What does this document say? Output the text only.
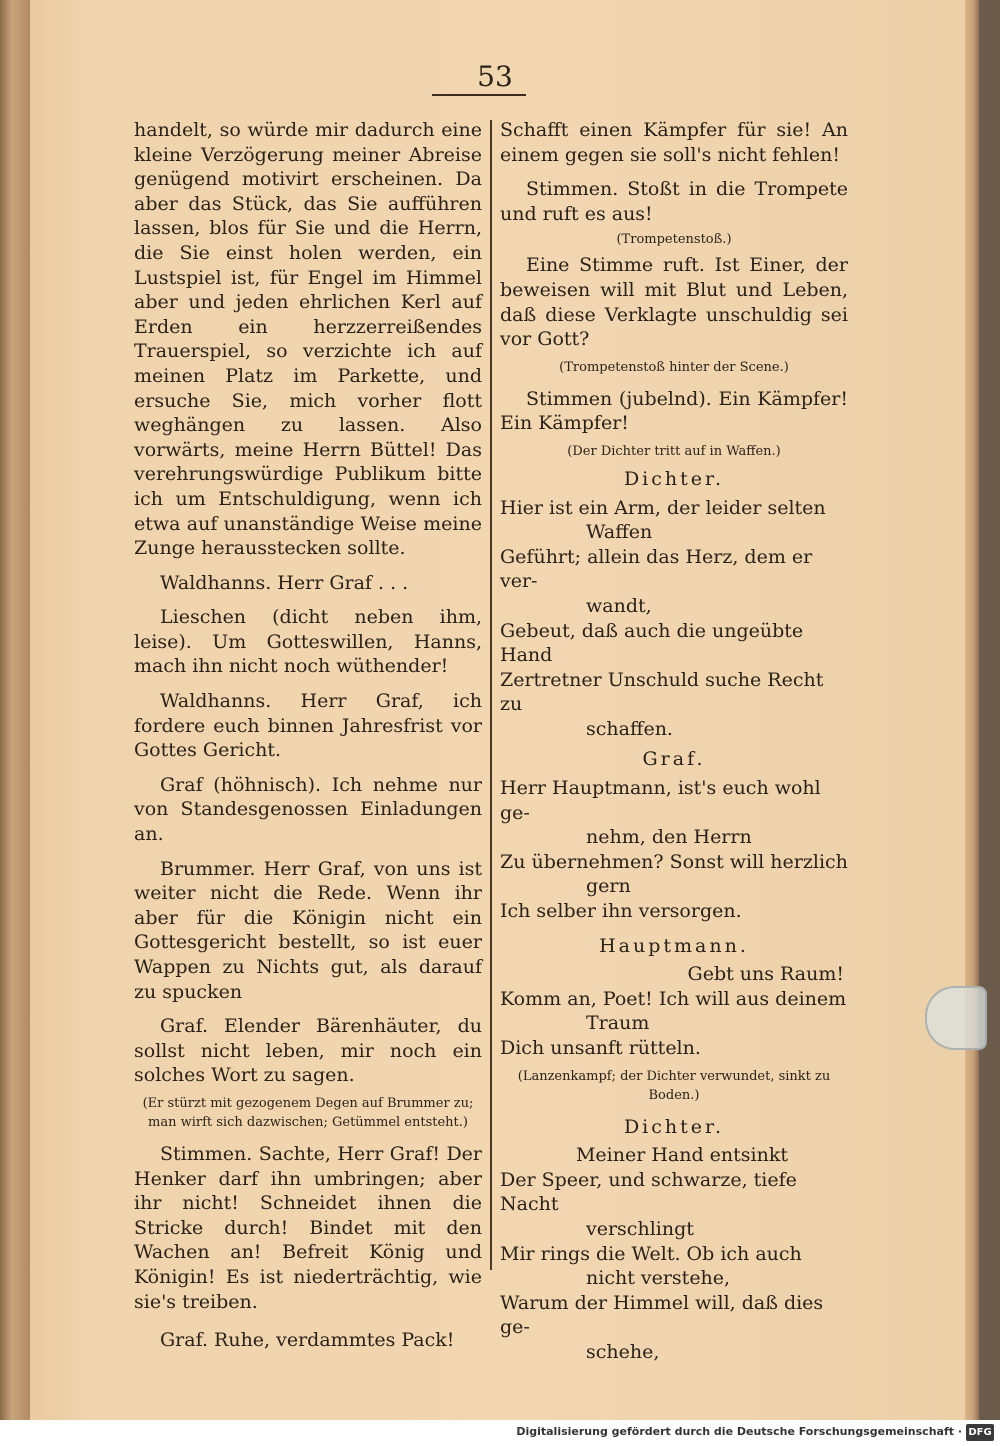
53

handelt, so würde mir dadurch eine kleine Verzögerung meiner Abreise genügend motivirt erscheinen. Da aber das Stück, das Sie aufführen lassen, blos für Sie und die Herrn, die Sie einst holen werden, ein Lustspiel ist, für Engel im Himmel aber und jeden ehrlichen Kerl auf Erden ein herzzerreißendes Trauerspiel, so verzichte ich auf meinen Platz im Parkette, und ersuche Sie, mich vorher flott weghängen zu lassen. Also vorwärts, meine Herrn Büttel! Das verehrungswürdige Publikum bitte ich um Entschuldigung, wenn ich etwa auf unanständige Weise meine Zunge herausstecken sollte.

Waldhanns. Herr Graf . . .

Lieschen (dicht neben ihm, leise). Um Gotteswillen, Hanns, mach ihn nicht noch wüthender!

Waldhanns. Herr Graf, ich fordere euch binnen Jahresfrist vor Gottes Gericht.

Graf (höhnisch). Ich nehme nur von Standesgenossen Einladungen an.

Brummer. Herr Graf, von uns ist weiter nicht die Rede. Wenn ihr aber für die Königin nicht ein Gottesgericht bestellt, so ist euer Wappen zu Nichts gut, als darauf zu spucken

Graf. Elender Bärenhäuter, du sollst nicht leben, mir noch ein solches Wort zu sagen.

(Er stürzt mit gezogenem Degen auf Brummer zu; man wirft sich dazwischen; Getümmel entsteht.)

Stimmen. Sachte, Herr Graf! Der Henker darf ihn umbringen; aber ihr nicht! Schneidet ihnen die Stricke durch! Bindet mit den Wachen an! Befreit König und Königin! Es ist niederträchtig, wie sie's treiben.

Graf. Ruhe, verdammtes Pack!

Schafft einen Kämpfer für sie! An einem gegen sie soll's nicht fehlen!

Stimmen. Stoßt in die Trompete und ruft es aus!

(Trompetenstoß.)

Eine Stimme ruft. Ist Einer, der beweisen will mit Blut und Leben, daß diese Verklagte unschuldig sei vor Gott?

(Trompetenstoß hinter der Scene.)

Stimmen (jubelnd). Ein Kämpfer! Ein Kämpfer!

(Der Dichter tritt auf in Waffen.)

Dichter.

Hier ist ein Arm, der leider selten

Waffen

Geführt; allein das Herz, dem er ver-

wandt,

Gebeut, daß auch die ungeübte Hand

Zertretner Unschuld suche Recht zu

schaffen.

Graf.

Herr Hauptmann, ist's euch wohl ge-

nehm, den Herrn

Zu übernehmen? Sonst will herzlich

gern

Ich selber ihn versorgen.

Hauptmann.

Gebt uns Raum!

Komm an, Poet! Ich will aus deinem

Traum

Dich unsanft rütteln.

(Lanzenkampf; der Dichter verwundet, sinkt zu Boden.)

Dichter.

Meiner Hand entsinkt

Der Speer, und schwarze, tiefe Nacht

verschlingt

Mir rings die Welt. Ob ich auch

nicht verstehe,

Warum der Himmel will, daß dies ge-

schehe,

Digitalisierung gefördert durch die Deutsche Forschungsgemeinschaft · DFG
